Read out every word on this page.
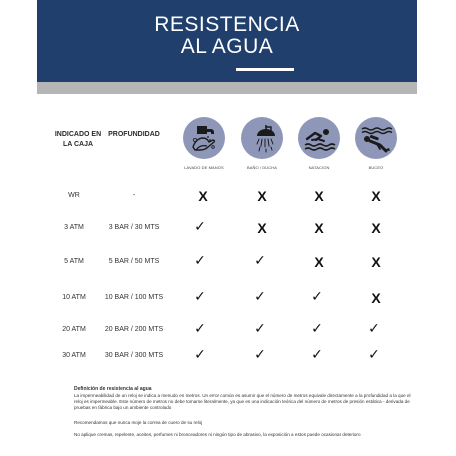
RESISTENCIA
AL AGUA
INDICADO EN
LA CAJA
PROFUNDIDAD
LAVADO DE MANOS	BAÑO / DUCHA	NATACION	BUCEO
WR	-	X	X	X	X
3 ATM	3 BAR / 30 MTS	✓	X	X	X
5 ATM	5 BAR / 50 MTS	✓	✓	X	X
10 ATM	10 BAR / 100 MTS	✓	✓	✓	X
20 ATM	20 BAR / 200 MTS	✓	✓	✓	✓
30 ATM	30 BAR / 300 MTS	✓	✓	✓	✓
Definición de resistencia al agua
La impermeabilidad de un reloj se indica a menudo en metros. Un error común es asumir que el número de metros equivale directamente a la profundidad a la que el reloj es impermeable. Este número de metros no debe tomarse literalmente, ya que es una indicación teórica del número de metros de presión estática - derivada de pruebas en fábrica bajo un ambiente controlado
Recomendamos que nunca moje la correa de cuero de su reloj
No aplique cremas, repelente, aceites, perfumes ni bronceadores ni ningún tipo de abrasivo, la exposición a estos puede ocasionar deterioro
